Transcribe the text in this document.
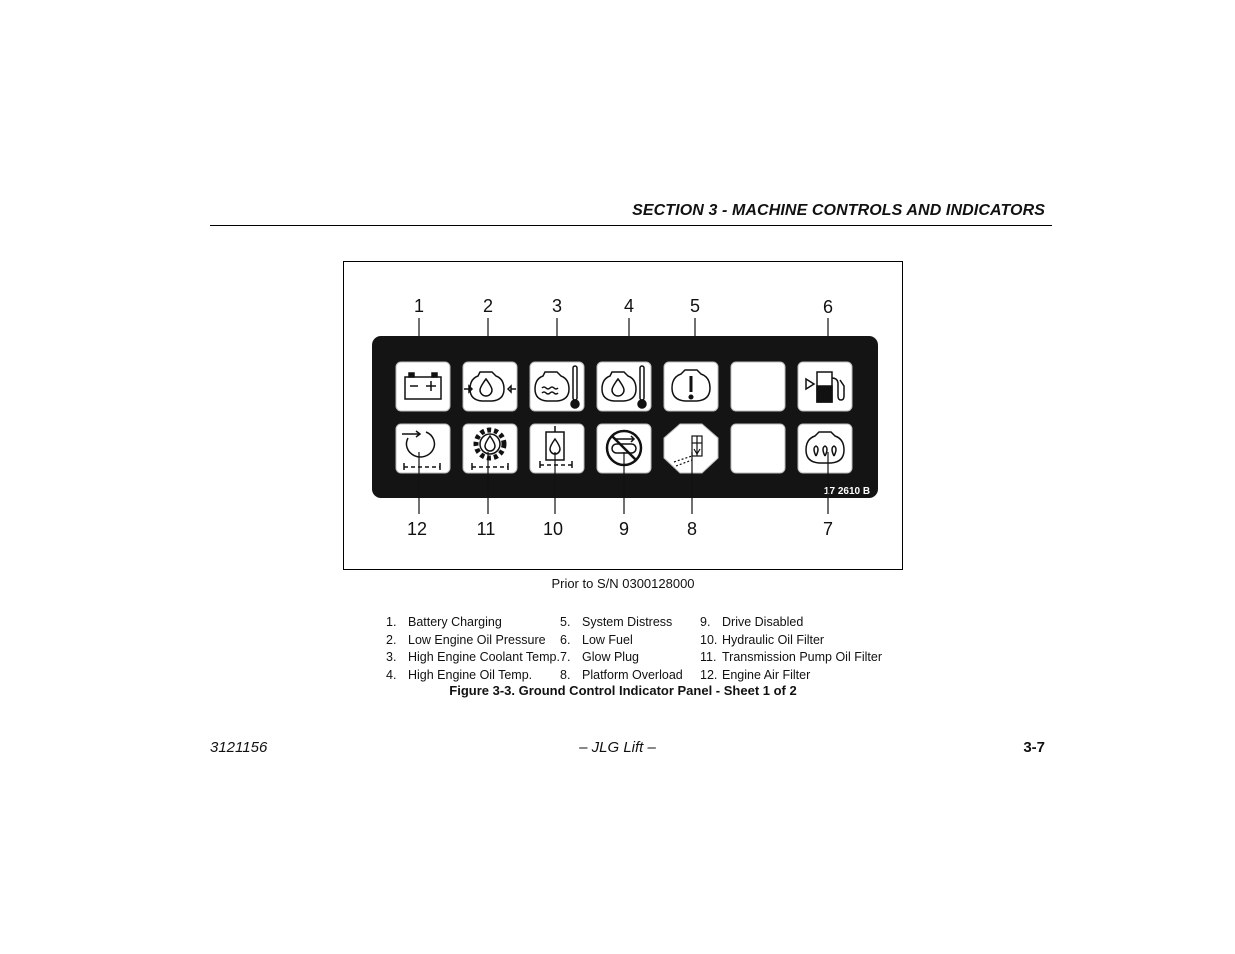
SECTION 3 - MACHINE CONTROLS AND INDICATORS
1	2	3	4	5	6
17 2610 B
12	11	10	9	8	7
Prior to S/N 0300128000
1. Battery Charging
2. Low Engine Oil Pressure
3. High Engine Coolant Temp.
4. High Engine Oil Temp.
5. System Distress
6. Low Fuel
7. Glow Plug
8. Platform Overload
9. Drive Disabled
10. Hydraulic Oil Filter
11. Transmission Pump Oil Filter
12. Engine Air Filter
Figure 3-3. Ground Control Indicator Panel - Sheet 1 of 2
3121156	– JLG Lift –	3-7
